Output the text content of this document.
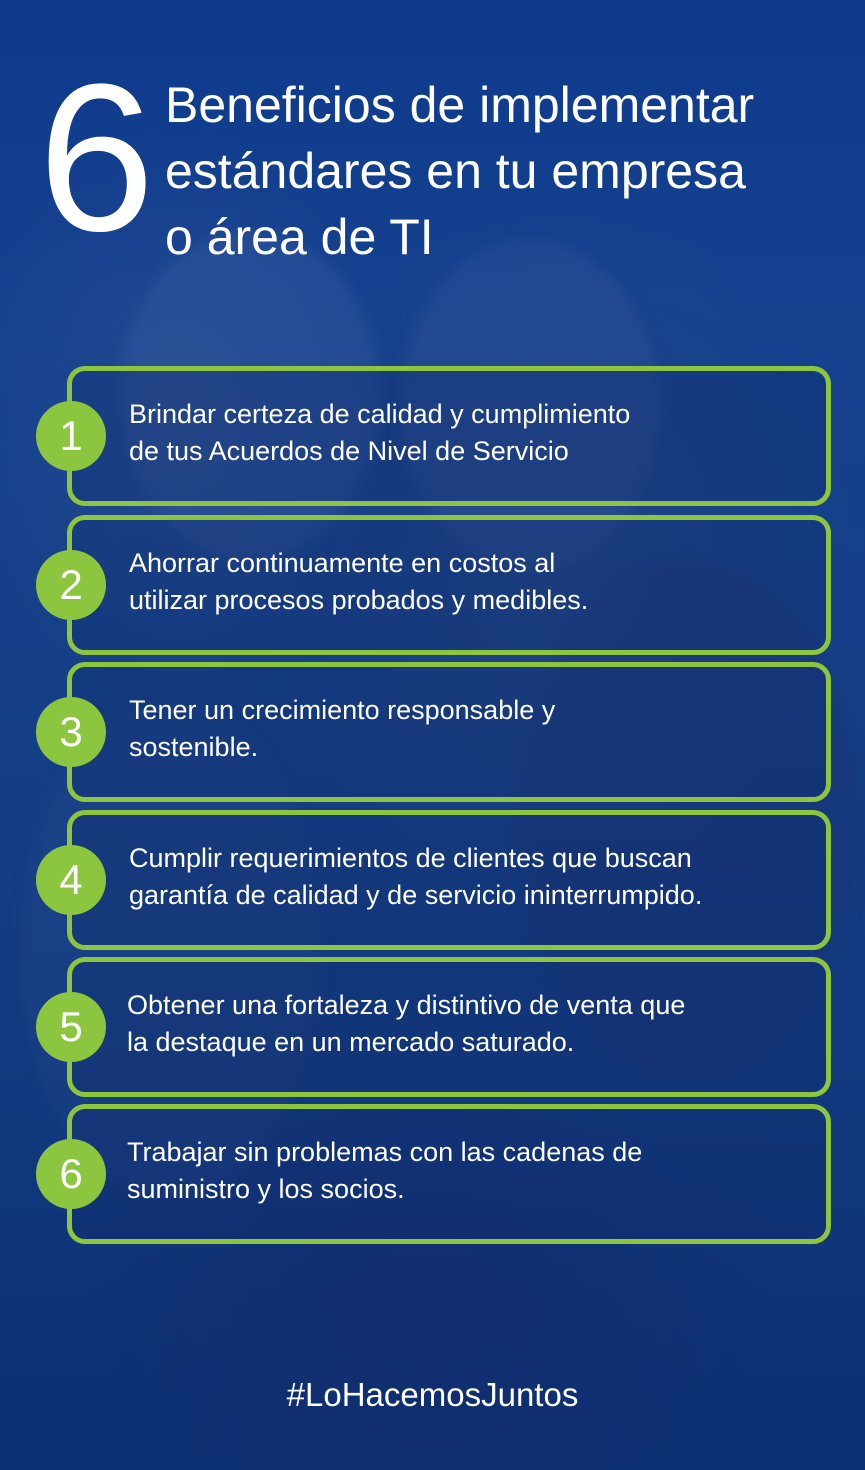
6 Beneficios de implementar
estándares en tu empresa
o área de TI
1	Brindar certeza de calidad y cumplimiento
de tus Acuerdos de Nivel de Servicio

2	Ahorrar continuamente en costos al
utilizar procesos probados y medibles.

3	Tener un crecimiento responsable y
sostenible.

4	Cumplir requerimientos de clientes que buscan
garantía de calidad y de servicio ininterrumpido.

5	Obtener una fortaleza y distintivo de venta que
la destaque en un mercado saturado.

6	Trabajar sin problemas con las cadenas de
suministro y los socios.

#LoHacemosJuntos
